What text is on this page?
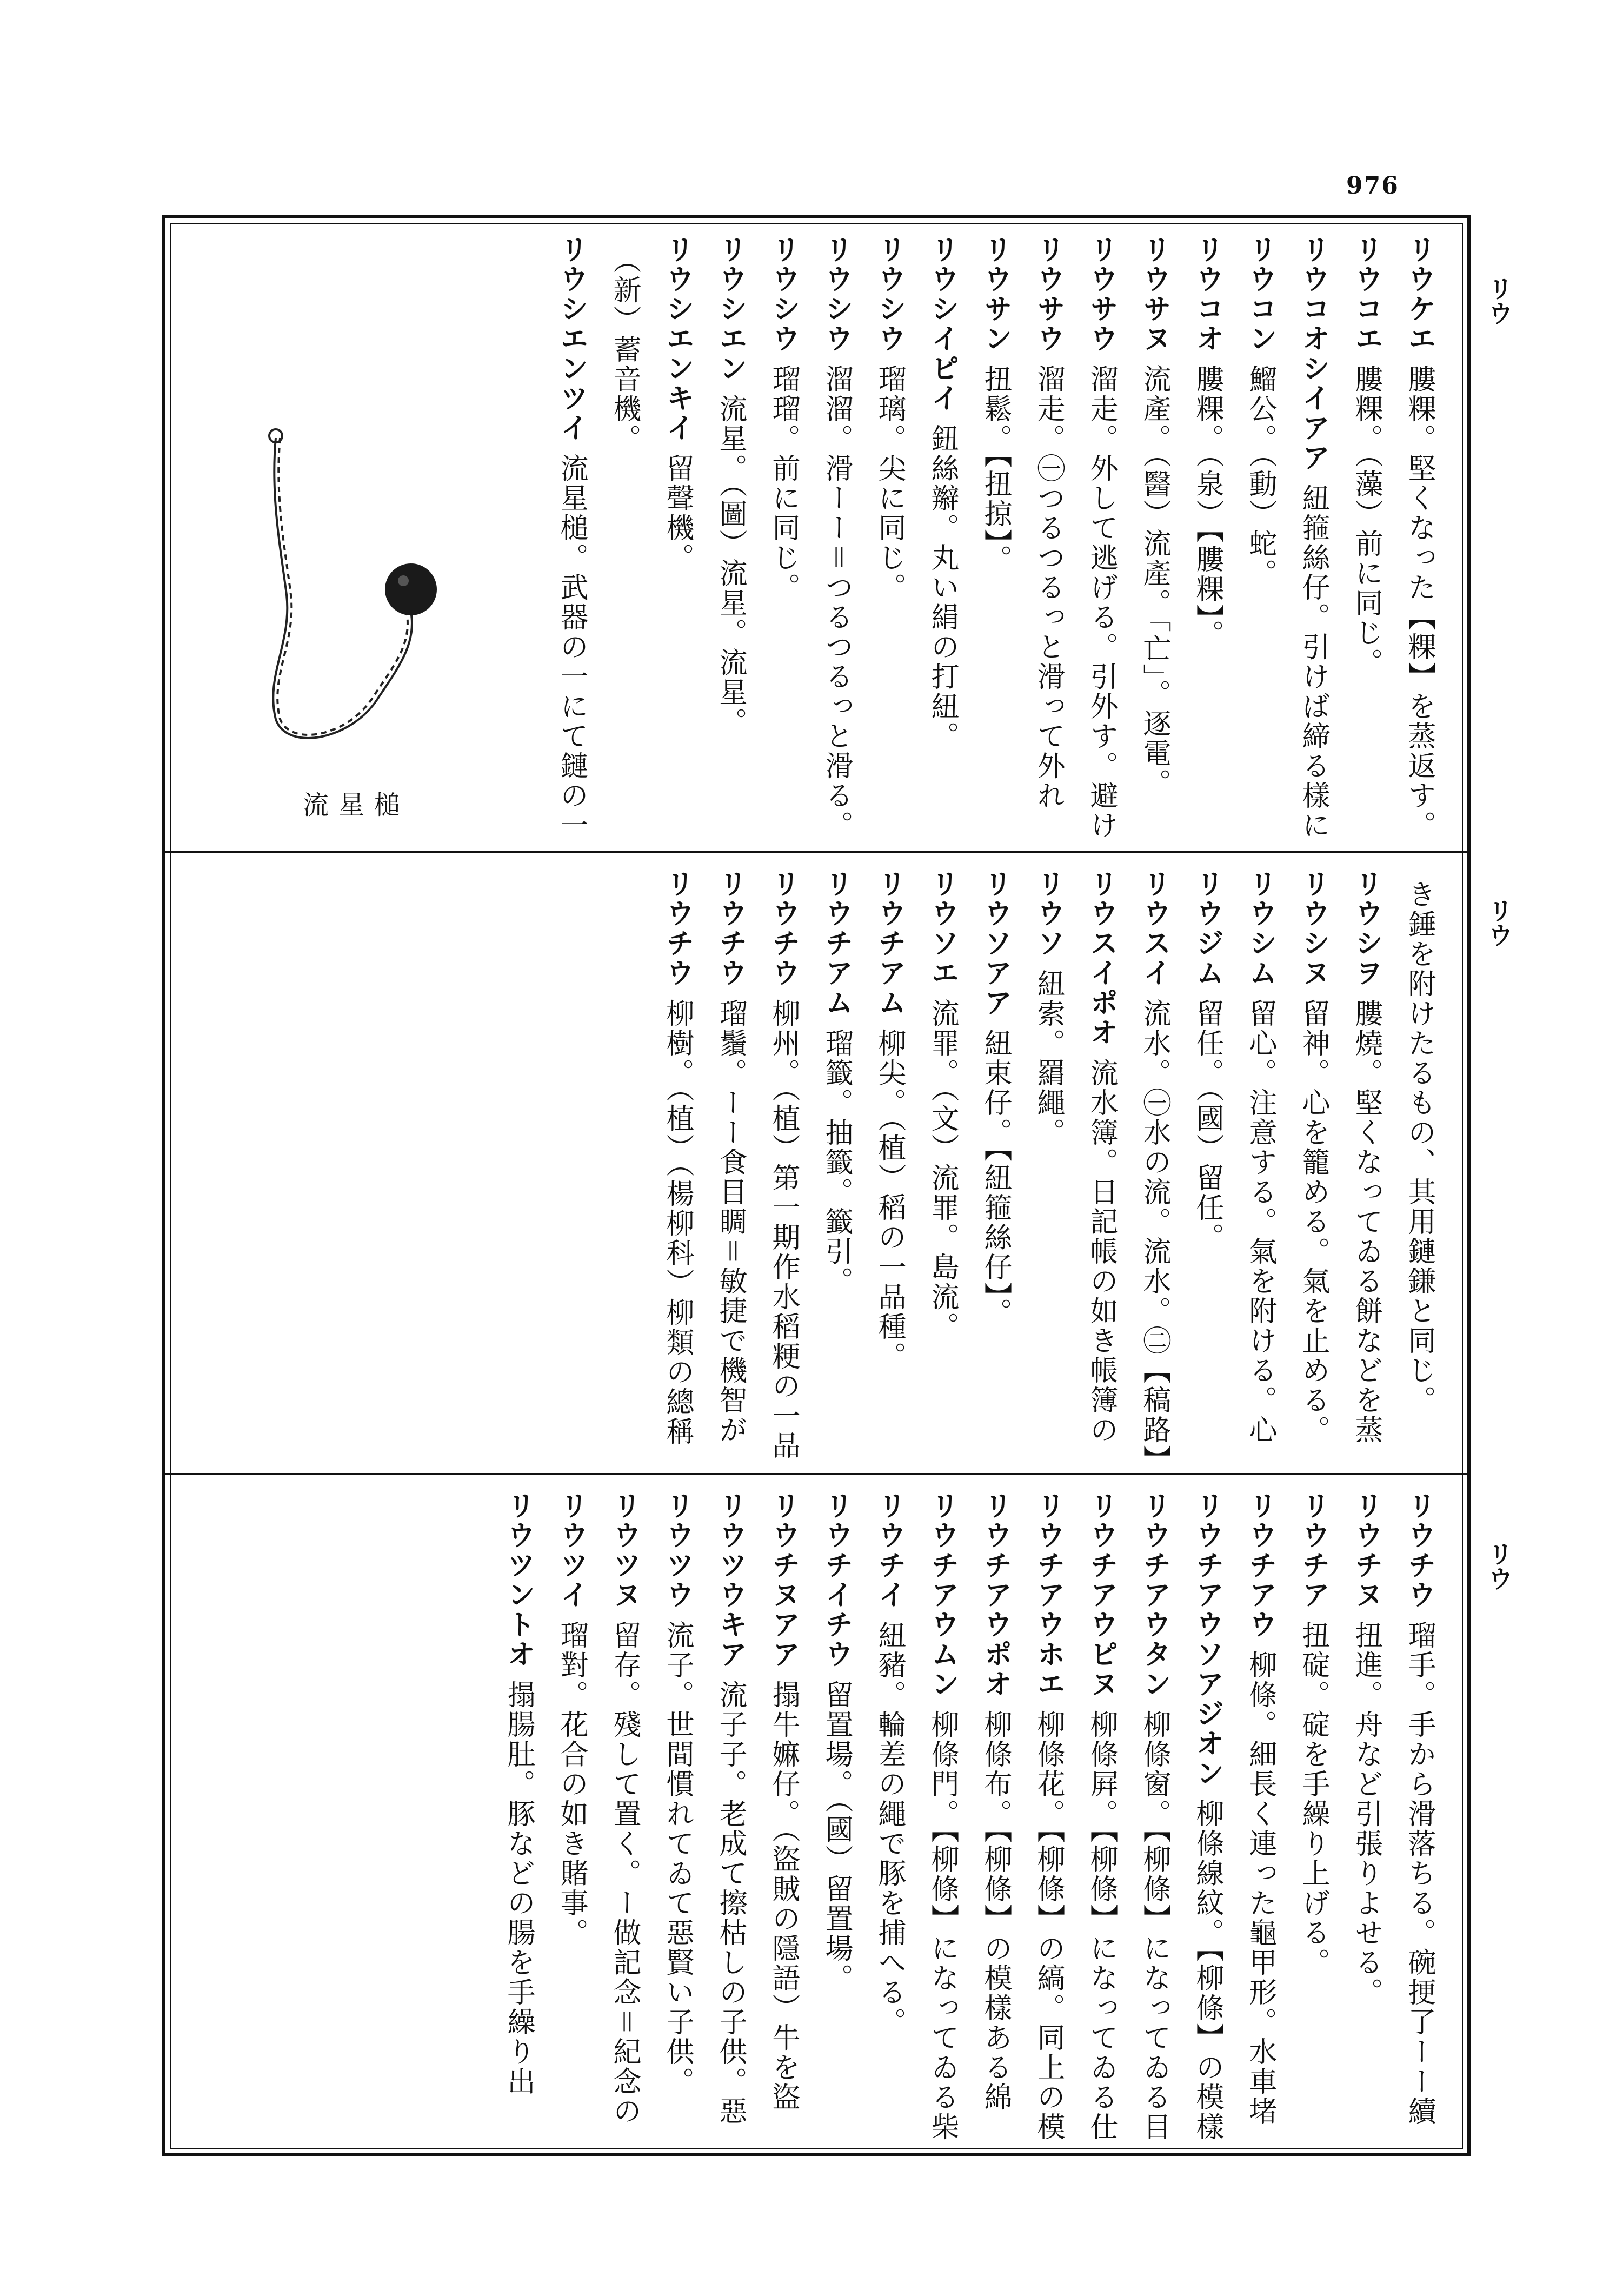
976
リウ
リウ
リウ
リウケエ膢粿。堅くなった【粿】を蒸返す。
リウコエ膢粿。（藻）前に同じ。
リウコオシイアア紐箍絲仔。引けば締る樣に
リウコン鰡公。（動）蛇。
リウコオ膢粿。（泉）【膢粿】。
リウサヌ流產。（醫）流產。「亡」。逐電。
リウサウ溜走。外して逃げる。引外す。避け
リウサウ溜走。㊀つるつるっと滑って外れ
リウサン扭鬆。【扭掠】。
リウシイピイ鈕絲辮。丸い絹の打紐。
リウシウ瑠璃。尖に同じ。
リウシウ溜溜。滑ーー＝つるつるっと滑る。
リウシウ瑠瑠。前に同じ。
リウシエン流星。（圖）流星。流星。
リウシエンキイ留聲機。
（新）蓄音機。
リウシエンツイ流星槌。武器の一にて鏈の一
き錘を附けたるもの、其用鏈鎌と同じ。
リウシヲ膢燒。堅くなってゐる餅などを蒸
リウシヌ留神。心を籠める。氣を止める。
リウシム留心。注意する。氣を附ける。心
リウジム留任。（國）留任。
リウスイ流水。㊀水の流。流水。㊁【稿路】
リウスイポオ流水簿。日記帳の如き帳簿の
リウソ紐索。羂繩。
リウソアア紐束仔。【紐箍絲仔】。
リウソエ流罪。（文）流罪。島流。
リウチアム柳尖。（植）稻の一品種。
リウチアム瑠籤。抽籤。籤引。
リウチウ柳州。（植）第一期作水稻粳の一品
リウチウ瑠鬚。ーー食目睭＝敏捷で機智が
リウチウ柳樹。（植）（楊柳科）柳類の總稱
リウチウ瑠手。手から滑落ちる。碗挭了ーー續
リウチヌ扭進。舟など引張りよせる。
リウチア扭碇。碇を手繰り上げる。
リウチアウ柳條。細長く連った龜甲形。水車堵
リウチアウソアジオン柳條線紋。【柳條】の模樣
リウチアウタン柳條窗。【柳條】になってゐる目
リウチアウピヌ柳條屛。【柳條】になってゐる仕
リウチアウホエ柳條花。【柳條】の縞。同上の模
リウチアウポオ柳條布。【柳條】の模樣ある綿
リウチアウムン柳條門。【柳條】になってゐる柴
リウチイ紐豬。輪差の繩で豚を捕へる。
リウチイチウ留置場。（國）留置場。
リウチヌアア搨牛嫲仔。（盜賊の隱語）牛を盜
リウツウキア流子子。老成て擦枯しの子供。惡
リウツウ流子。世間慣れてゐて惡賢い子供。
リウツヌ留存。殘して置く。ー做記念＝紀念の
リウツイ瑠對。花合の如き賭事。
リウツントオ搨腸肚。豚などの腸を手繰り出
流星槌
